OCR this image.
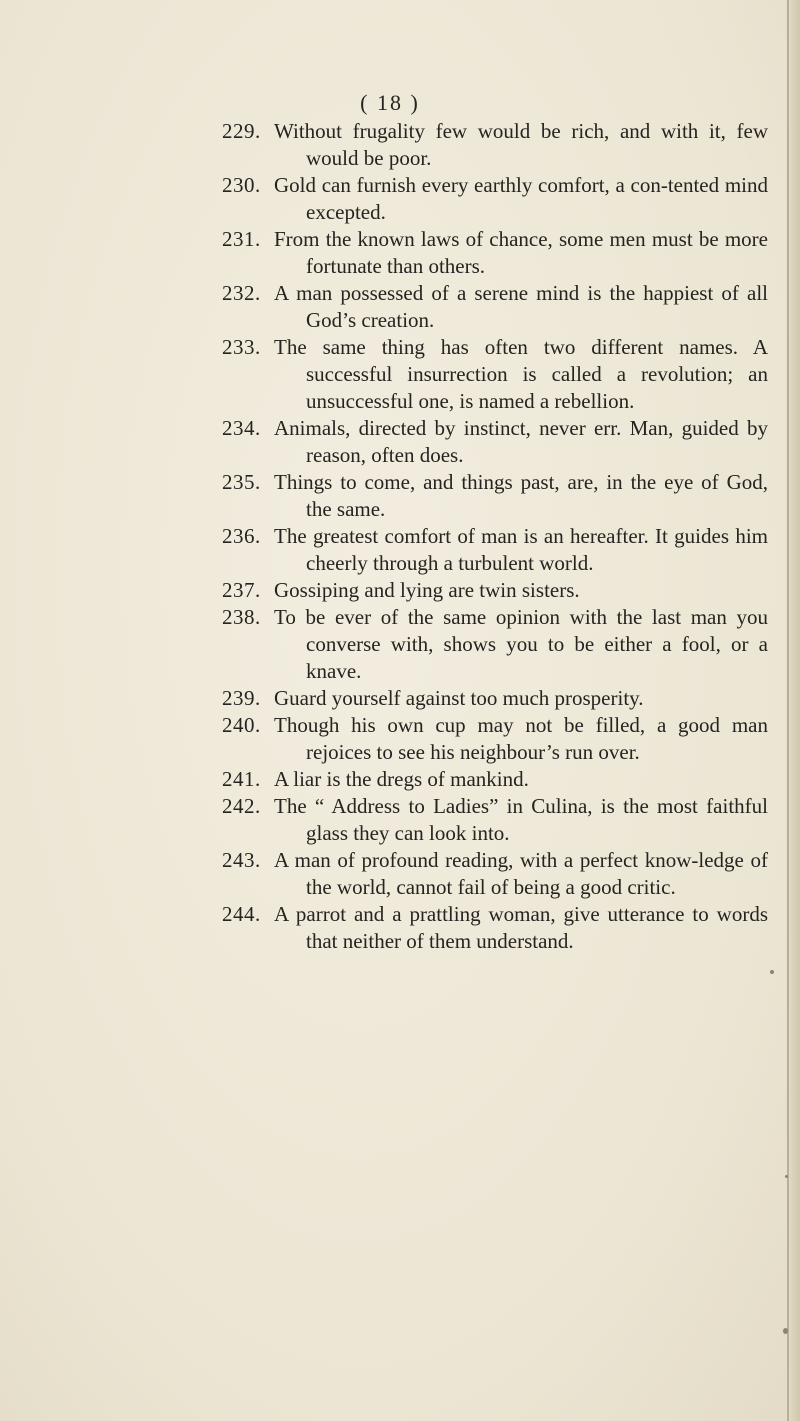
( 18 )
229. Without frugality few would be rich, and with it, few would be poor.
230. Gold can furnish every earthly comfort, a con-tented mind excepted.
231. From the known laws of chance, some men must be more fortunate than others.
232. A man possessed of a serene mind is the happiest of all God’s creation.
233. The same thing has often two different names. A successful insurrection is called a revolution; an unsuccessful one, is named a rebellion.
234. Animals, directed by instinct, never err. Man, guided by reason, often does.
235. Things to come, and things past, are, in the eye of God, the same.
236. The greatest comfort of man is an hereafter. It guides him cheerly through a turbulent world.
237. Gossiping and lying are twin sisters.
238. To be ever of the same opinion with the last man you converse with, shows you to be either a fool, or a knave.
239. Guard yourself against too much prosperity.
240. Though his own cup may not be filled, a good man rejoices to see his neighbour’s run over.
241. A liar is the dregs of mankind.
242. The “ Address to Ladies” in Culina, is the most faithful glass they can look into.
243. A man of profound reading, with a perfect know-ledge of the world, cannot fail of being a good critic.
244. A parrot and a prattling woman, give utterance to words that neither of them understand.
